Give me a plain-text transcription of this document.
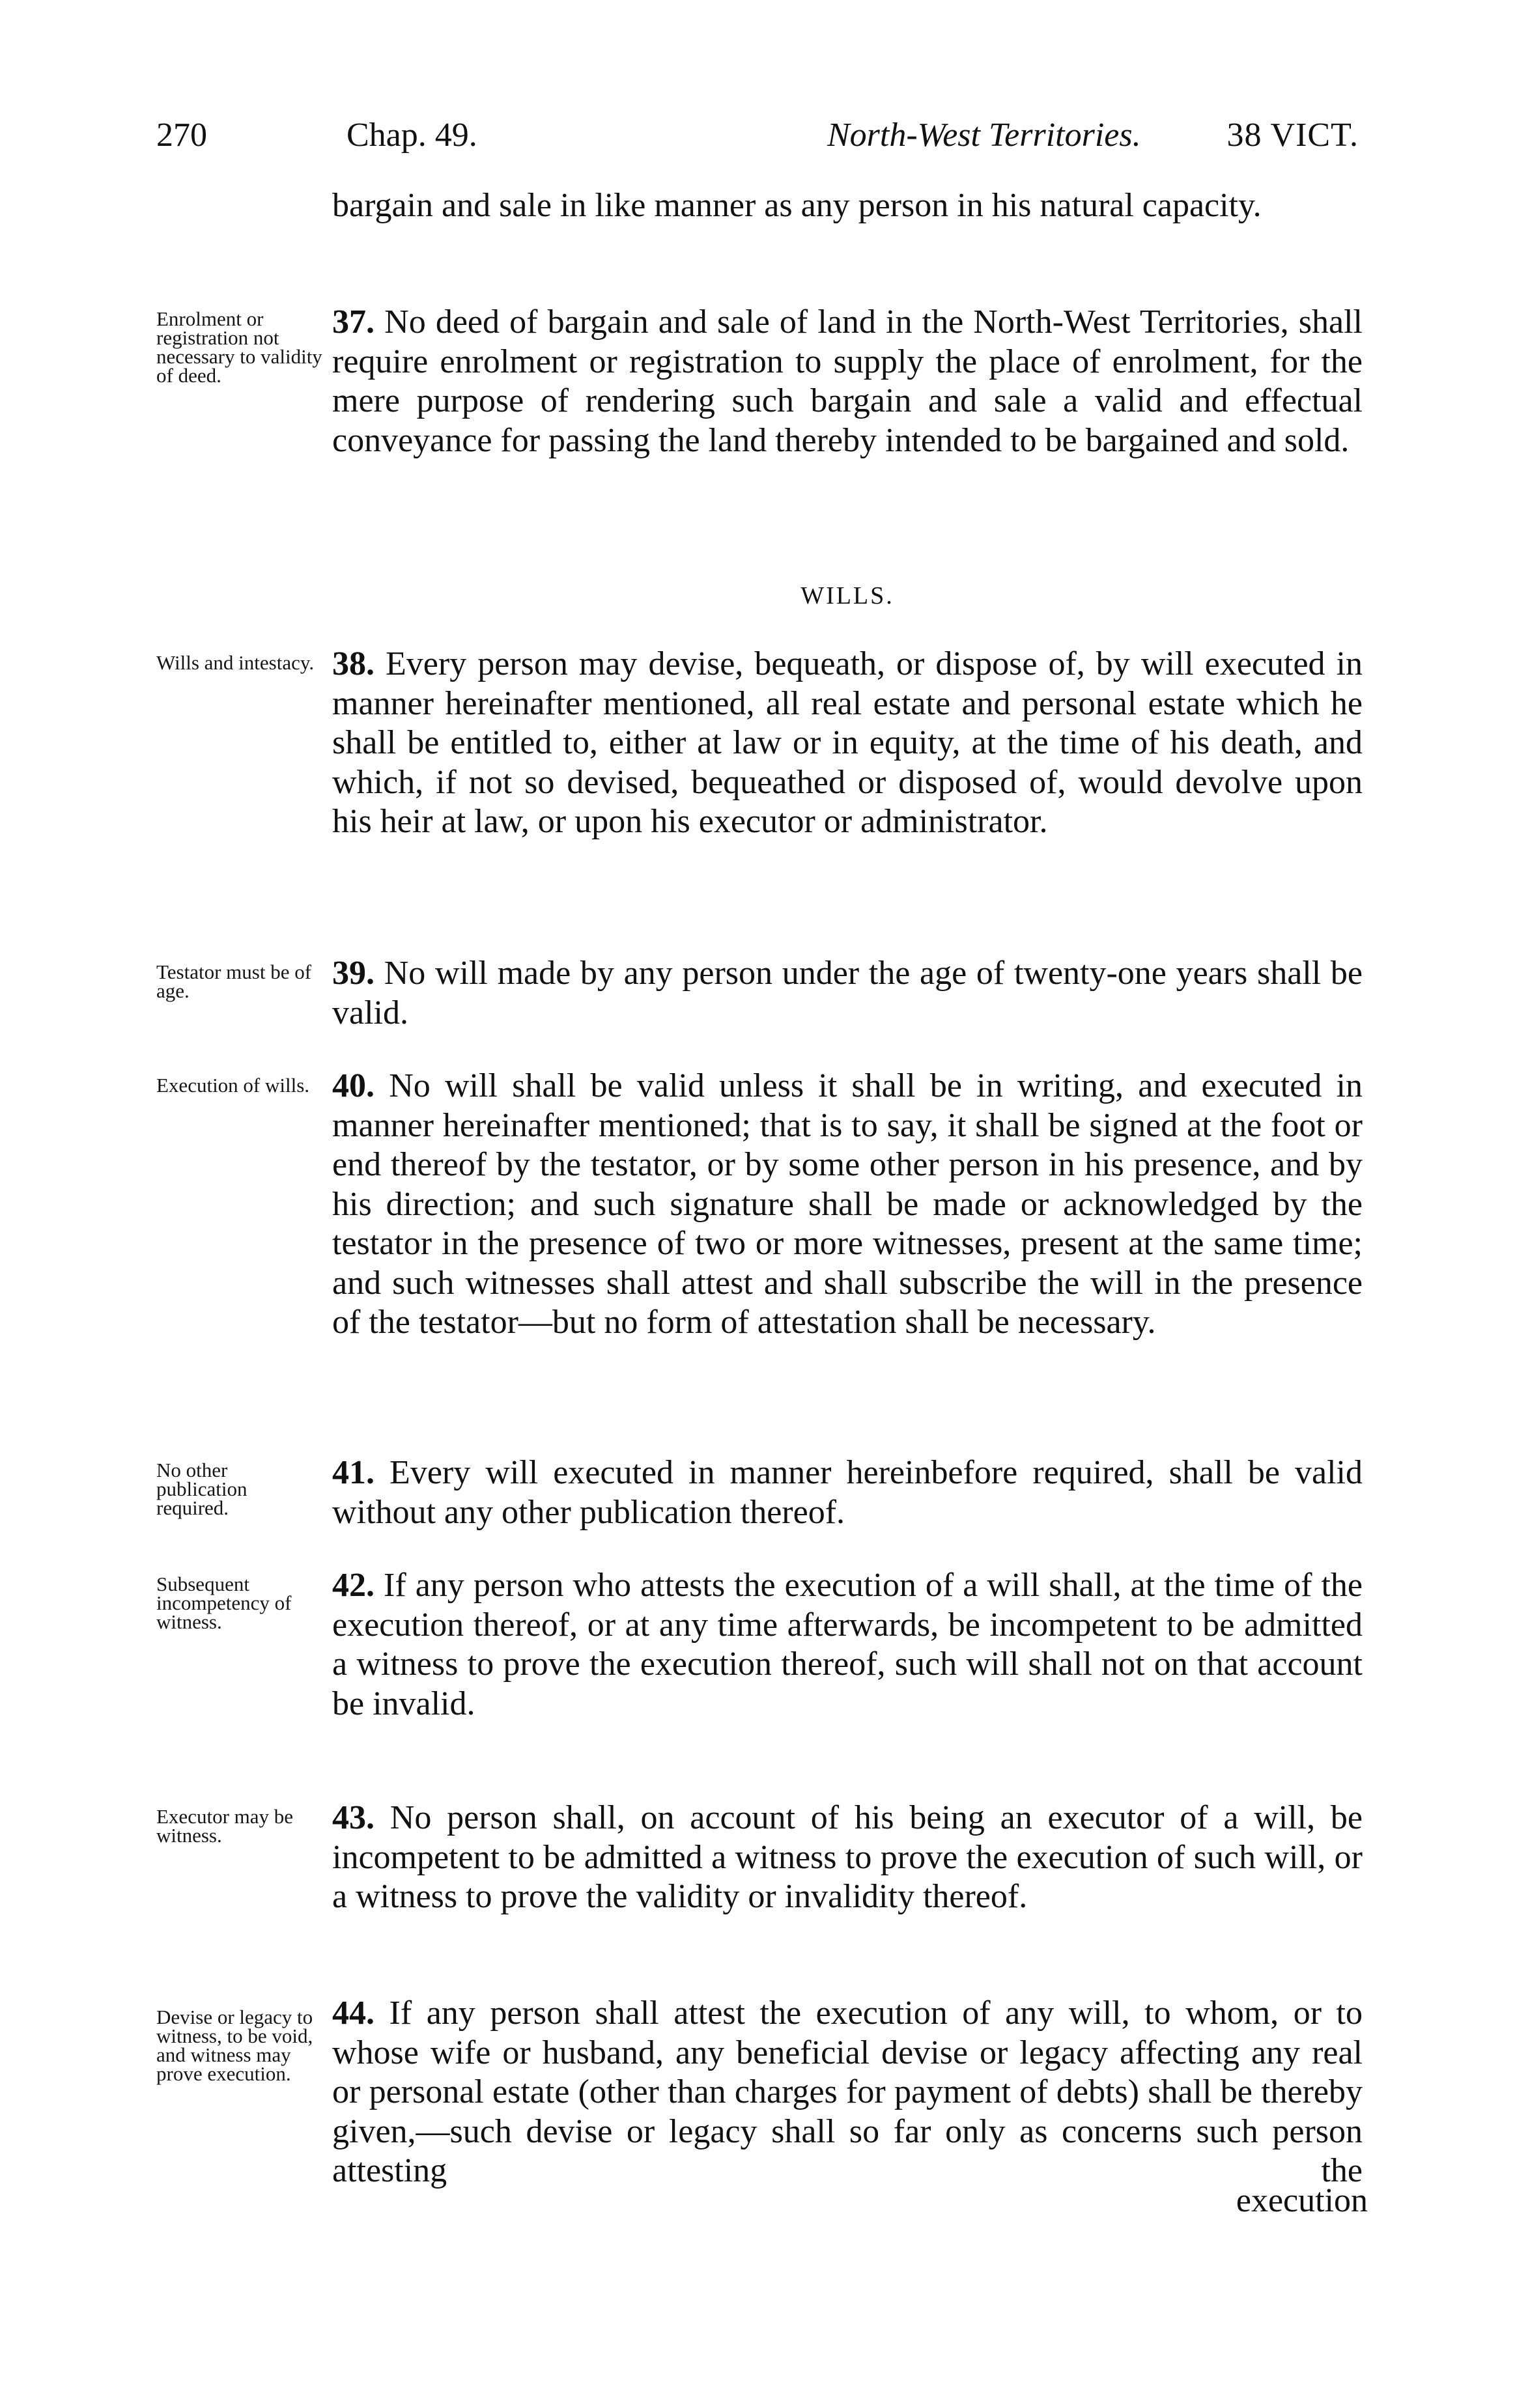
270	Chap. 49.	North-West Territories.	38 VICT.
bargain and sale in like manner as any person in his natural capacity.
Enrolment or registration not necessary to validity of deed.
37. No deed of bargain and sale of land in the North-West Territories, shall require enrolment or registration to supply the place of enrolment, for the mere purpose of rendering such bargain and sale a valid and effectual conveyance for passing the land thereby intended to be bargained and sold.
WILLS.
Wills and intestacy. 38. Every person may devise, bequeath, or dispose of, by will executed in manner hereinafter mentioned, all real estate and personal estate which he shall be entitled to, either at law or in equity, at the time of his death, and which, if not so devised, bequeathed or disposed of, would devolve upon his heir at law, or upon his executor or administrator.
Testator must be of age.	39. No will made by any person under the age of twenty-one years shall be valid.
Execution of wills. 40. No will shall be valid unless it shall be in writing, and executed in manner hereinafter mentioned; that is to say, it shall be signed at the foot or end thereof by the testator, or by some other person in his presence, and by his direction; and such signature shall be made or acknowledged by the testator in the presence of two or more witnesses, present at the same time; and such witnesses shall attest and shall subscribe the will in the presence of the testator—but no form of attestation shall be necessary.
No other publication required.
41. Every will executed in manner hereinbefore required, shall be valid without any other publication thereof.
Subsequent incompetency of witness.
42. If any person who attests the execution of a will shall, at the time of the execution thereof, or at any time afterwards, be incompetent to be admitted a witness to prove the execution thereof, such will shall not on that account be invalid.
Executor may be witness.	43. No person shall, on account of his being an executor of a will, be incompetent to be admitted a witness to prove the execution of such will, or a witness to prove the validity or invalidity thereof.
Devise or legacy to witness, to be void, and witness may prove execution.
44. If any person shall attest the execution of any will, to whom, or to whose wife or husband, any beneficial devise or legacy affecting any real or personal estate (other than charges for payment of debts) shall be thereby given,—such devise or legacy shall so far only as concerns such person attesting the
execution
